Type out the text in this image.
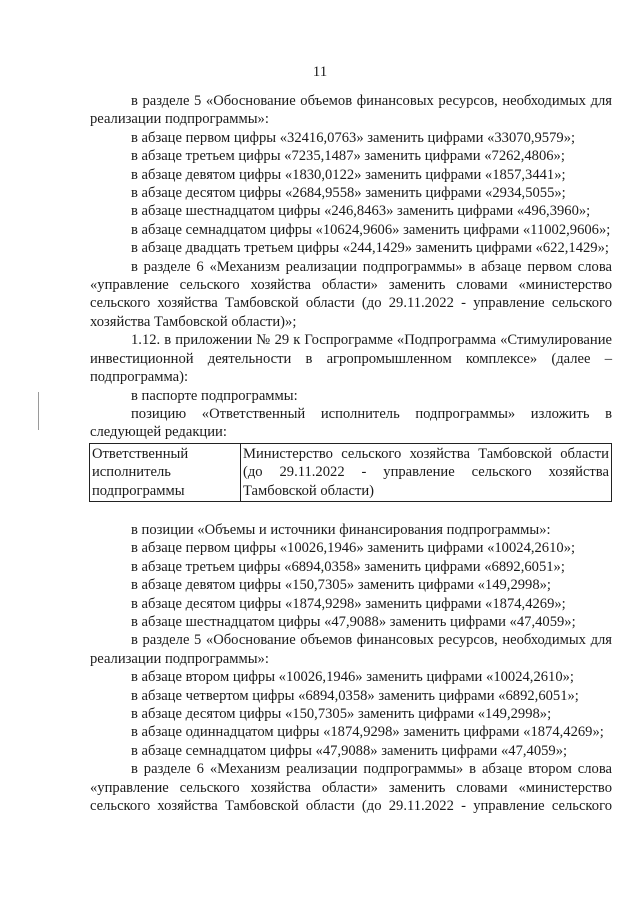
11

в разделе 5 «Обоснование объемов финансовых ресурсов, необходимых для реализации подпрограммы»:

в абзаце первом цифры «32416,0763» заменить цифрами «33070,9579»;

в абзаце третьем цифры «7235,1487» заменить цифрами «7262,4806»;

в абзаце девятом цифры «1830,0122» заменить цифрами «1857,3441»;

в абзаце десятом цифры «2684,9558» заменить цифрами «2934,5055»;

в абзаце шестнадцатом цифры «246,8463» заменить цифрами «496,3960»;

в абзаце семнадцатом цифры «10624,9606» заменить цифрами «11002,9606»;

в абзаце двадцать третьем цифры «244,1429» заменить цифрами «622,1429»;

в разделе 6 «Механизм реализации подпрограммы» в абзаце первом слова «управление сельского хозяйства области» заменить словами «министерство сельского хозяйства Тамбовской области (до 29.11.2022 - управление сельского хозяйства Тамбовской области)»;

1.12. в приложении № 29 к Госпрограмме «Подпрограмма «Стимулирование инвестиционной деятельности в агропромышленном комплексе» (далее – подпрограмма):

в паспорте подпрограммы:

позицию «Ответственный исполнитель подпрограммы» изложить в следующей редакции:

Ответственный исполнитель подпрограммы	Министерство сельского хозяйства Тамбовской области (до 29.11.2022 - управление сельского хозяйства Тамбовской области)

в позиции «Объемы и источники финансирования подпрограммы»:

в абзаце первом цифры «10026,1946» заменить цифрами «10024,2610»;

в абзаце третьем цифры «6894,0358» заменить цифрами «6892,6051»;

в абзаце девятом цифры «150,7305» заменить цифрами «149,2998»;

в абзаце десятом цифры «1874,9298» заменить цифрами «1874,4269»;

в абзаце шестнадцатом цифры «47,9088» заменить цифрами «47,4059»;

в разделе 5 «Обоснование объемов финансовых ресурсов, необходимых для реализации подпрограммы»:

в абзаце втором цифры «10026,1946» заменить цифрами «10024,2610»;

в абзаце четвертом цифры «6894,0358» заменить цифрами «6892,6051»;

в абзаце десятом цифры «150,7305» заменить цифрами «149,2998»;

в абзаце одиннадцатом цифры «1874,9298» заменить цифрами «1874,4269»;

в абзаце семнадцатом цифры «47,9088» заменить цифрами «47,4059»;

в разделе 6 «Механизм реализации подпрограммы» в абзаце втором слова «управление сельского хозяйства области» заменить словами «министерство сельского хозяйства Тамбовской области (до 29.11.2022 - управление сельского
